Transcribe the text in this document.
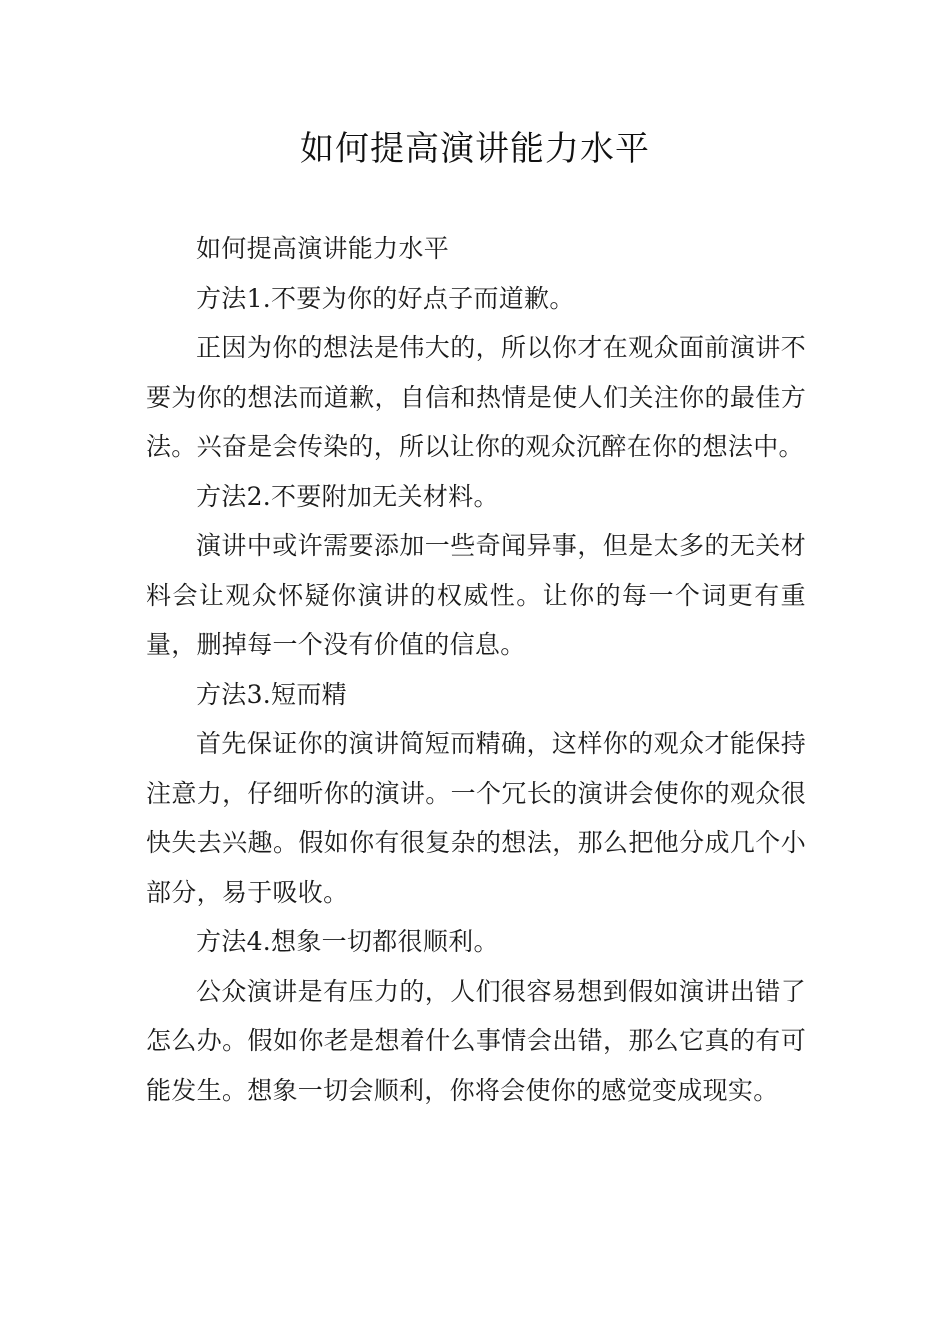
如何提高演讲能力水平

如何提高演讲能力水平

方法1.不要为你的好点子而道歉。

正因为你的想法是伟大的，所以你才在观众面前演讲不要为你的想法而道歉，自信和热情是使人们关注你的最佳方法。兴奋是会传染的，所以让你的观众沉醉在你的想法中。

方法2.不要附加无关材料。

演讲中或许需要添加一些奇闻异事，但是太多的无关材料会让观众怀疑你演讲的权威性。让你的每一个词更有重量，删掉每一个没有价值的信息。

方法3.短而精

首先保证你的演讲简短而精确，这样你的观众才能保持注意力，仔细听你的演讲。一个冗长的演讲会使你的观众很快失去兴趣。假如你有很复杂的想法，那么把他分成几个小部分，易于吸收。

方法4.想象一切都很顺利。

公众演讲是有压力的，人们很容易想到假如演讲出错了怎么办。假如你老是想着什么事情会出错，那么它真的有可能发生。想象一切会顺利，你将会使你的感觉变成现实。
